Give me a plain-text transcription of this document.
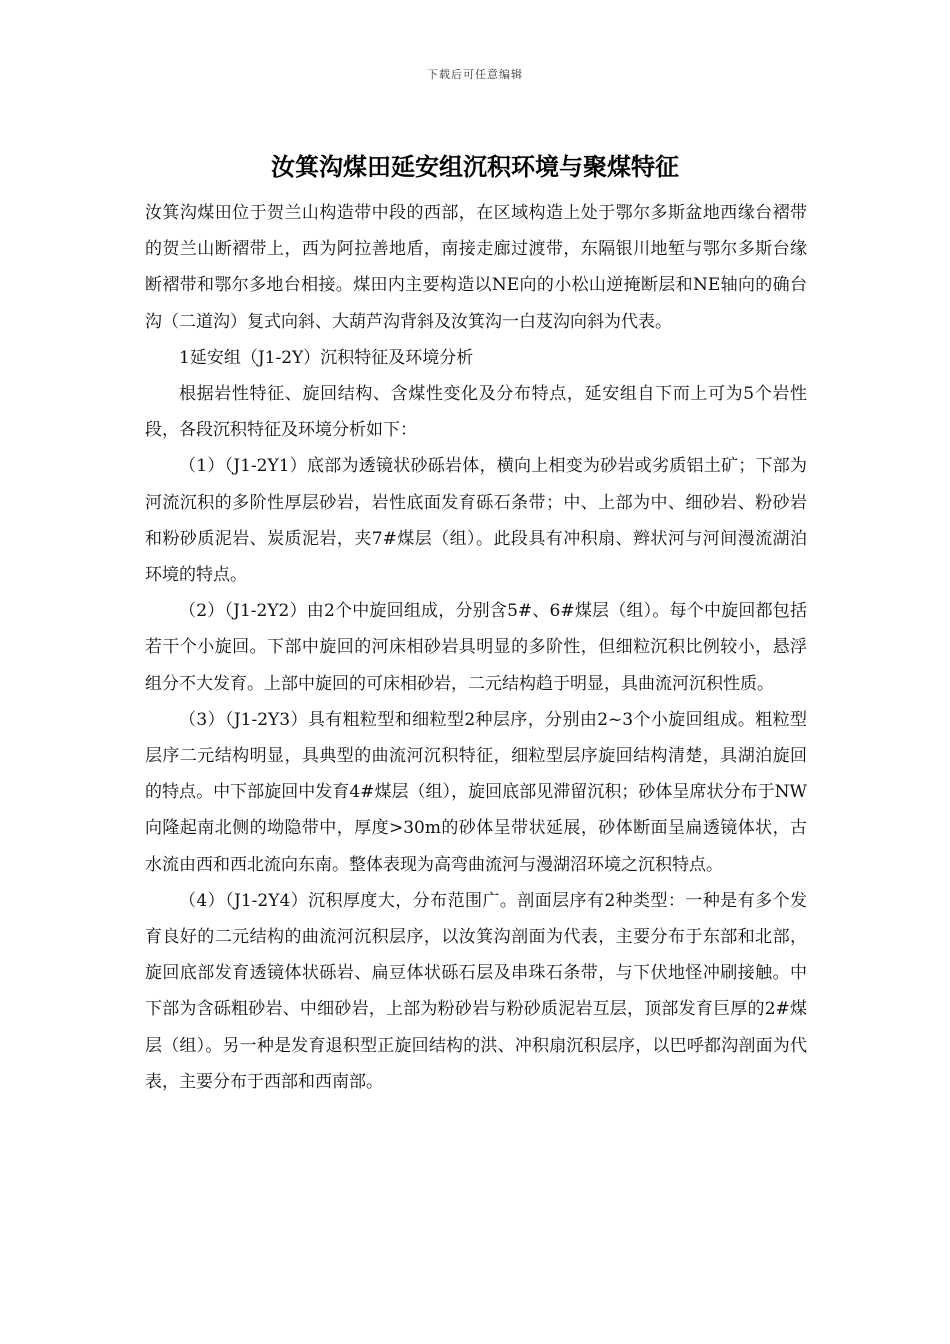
下载后可任意编辑
汝箕沟煤田延安组沉积环境与聚煤特征

汝箕沟煤田位于贺兰山构造带中段的西部，在区域构造上处于鄂尔多斯盆地西缘台褶带的贺兰山断褶带上，西为阿拉善地盾，南接走廊过渡带，东隔银川地堑与鄂尔多斯台缘断褶带和鄂尔多地台相接。煤田内主要构造以NE向的小松山逆掩断层和NE轴向的确台沟（二道沟）复式向斜、大葫芦沟背斜及汝箕沟一白芨沟向斜为代表。

1延安组（J1-2Y）沉积特征及环境分析

根据岩性特征、旋回结构、含煤性变化及分布特点，延安组自下而上可为5个岩性段，各段沉积特征及环境分析如下：

（1）（J1-2Y1）底部为透镜状砂砾岩体，横向上相变为砂岩或劣质铝土矿；下部为河流沉积的多阶性厚层砂岩，岩性底面发育砾石条带；中、上部为中、细砂岩、粉砂岩和粉砂质泥岩、炭质泥岩，夹7#煤层（组）。此段具有冲积扇、辫状河与河间漫流湖泊环境的特点。

（2）（J1-2Y2）由2个中旋回组成，分别含5#、6#煤层（组）。每个中旋回都包括若干个小旋回。下部中旋回的河床相砂岩具明显的多阶性，但细粒沉积比例较小，悬浮组分不大发育。上部中旋回的可床相砂岩，二元结构趋于明显，具曲流河沉积性质。

（3）（J1-2Y3）具有粗粒型和细粒型2种层序，分别由2~3个小旋回组成。粗粒型层序二元结构明显，具典型的曲流河沉积特征，细粒型层序旋回结构清楚，具湖泊旋回的特点。中下部旋回中发育4#煤层（组），旋回底部见滞留沉积；砂体呈席状分布于NW向隆起南北侧的坳隐带中，厚度>30m的砂体呈带状延展，砂体断面呈扁透镜体状，古水流由西和西北流向东南。整体表现为高弯曲流河与漫湖沼环境之沉积特点。

（4）（J1-2Y4）沉积厚度大，分布范围广。剖面层序有2种类型：一种是有多个发育良好的二元结构的曲流河沉积层序，以汝箕沟剖面为代表，主要分布于东部和北部，旋回底部发育透镜体状砾岩、扁豆体状砾石层及串珠石条带，与下伏地怪冲刷接触。中下部为含砾粗砂岩、中细砂岩，上部为粉砂岩与粉砂质泥岩互层，顶部发育巨厚的2#煤层（组）。另一种是发育退积型正旋回结构的洪、冲积扇沉积层序，以巴呼都沟剖面为代表，主要分布于西部和西南部。
